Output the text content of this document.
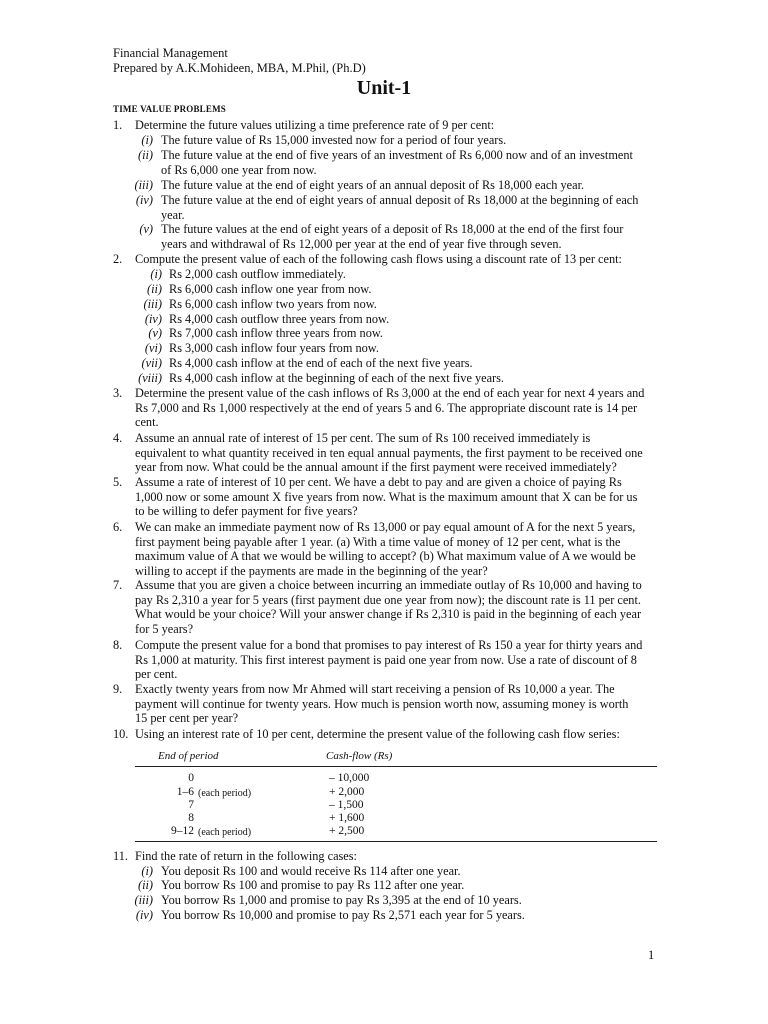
Financial Management
Prepared by A.K.Mohideen, MBA, M.Phil, (Ph.D)
Unit-1
TIME VALUE PROBLEMS
1. Determine the future values utilizing a time preference rate of 9 per cent:
(i) The future value of Rs 15,000 invested now for a period of four years.
(ii) The future value at the end of five years of an investment of Rs 6,000 now and of an investment
of Rs 6,000 one year from now.
(iii) The future value at the end of eight years of an annual deposit of Rs 18,000 each year.
(iv) The future value at the end of eight years of annual deposit of Rs 18,000 at the beginning of each
year.
(v) The future values at the end of eight years of a deposit of Rs 18,000 at the end of the first four
years and withdrawal of Rs 12,000 per year at the end of year five through seven.
2. Compute the present value of each of the following cash flows using a discount rate of 13 per cent:
(i) Rs 2,000 cash outflow immediately.
(ii) Rs 6,000 cash inflow one year from now.
(iii) Rs 6,000 cash inflow two years from now.
(iv) Rs 4,000 cash outflow three years from now.
(v) Rs 7,000 cash inflow three years from now.
(vi) Rs 3,000 cash inflow four years from now.
(vii) Rs 4,000 cash inflow at the end of each of the next five years.
(viii) Rs 4,000 cash inflow at the beginning of each of the next five years.
3. Determine the present value of the cash inflows of Rs 3,000 at the end of each year for next 4 years and
Rs 7,000 and Rs 1,000 respectively at the end of years 5 and 6. The appropriate discount rate is 14 per
cent.
4. Assume an annual rate of interest of 15 per cent. The sum of Rs 100 received immediately is
equivalent to what quantity received in ten equal annual payments, the first payment to be received one
year from now. What could be the annual amount if the first payment were received immediately?
5. Assume a rate of interest of 10 per cent. We have a debt to pay and are given a choice of paying Rs
1,000 now or some amount X five years from now. What is the maximum amount that X can be for us
to be willing to defer payment for five years?
6. We can make an immediate payment now of Rs 13,000 or pay equal amount of A for the next 5 years,
first payment being payable after 1 year. (a) With a time value of money of 12 per cent, what is the
maximum value of A that we would be willing to accept? (b) What maximum value of A we would be
willing to accept if the payments are made in the beginning of the year?
7. Assume that you are given a choice between incurring an immediate outlay of Rs 10,000 and having to
pay Rs 2,310 a year for 5 years (first payment due one year from now); the discount rate is 11 per cent.
What would be your choice? Will your answer change if Rs 2,310 is paid in the beginning of each year
for 5 years?
8. Compute the present value for a bond that promises to pay interest of Rs 150 a year for thirty years and
Rs 1,000 at maturity. This first interest payment is paid one year from now. Use a rate of discount of 8
per cent.
9. Exactly twenty years from now Mr Ahmed will start receiving a pension of Rs 10,000 a year. The
payment will continue for twenty years. How much is pension worth now, assuming money is worth
15 per cent per year?
10. Using an interest rate of 10 per cent, determine the present value of the following cash flow series:
End of period	Cash-flow (Rs)
0	– 10,000
1–6 (each period)	+ 2,000
7	– 1,500
8	+ 1,600
9–12 (each period)	+ 2,500
11. Find the rate of return in the following cases:
(i) You deposit Rs 100 and would receive Rs 114 after one year.
(ii) You borrow Rs 100 and promise to pay Rs 112 after one year.
(iii) You borrow Rs 1,000 and promise to pay Rs 3,395 at the end of 10 years.
(iv) You borrow Rs 10,000 and promise to pay Rs 2,571 each year for 5 years.
1
